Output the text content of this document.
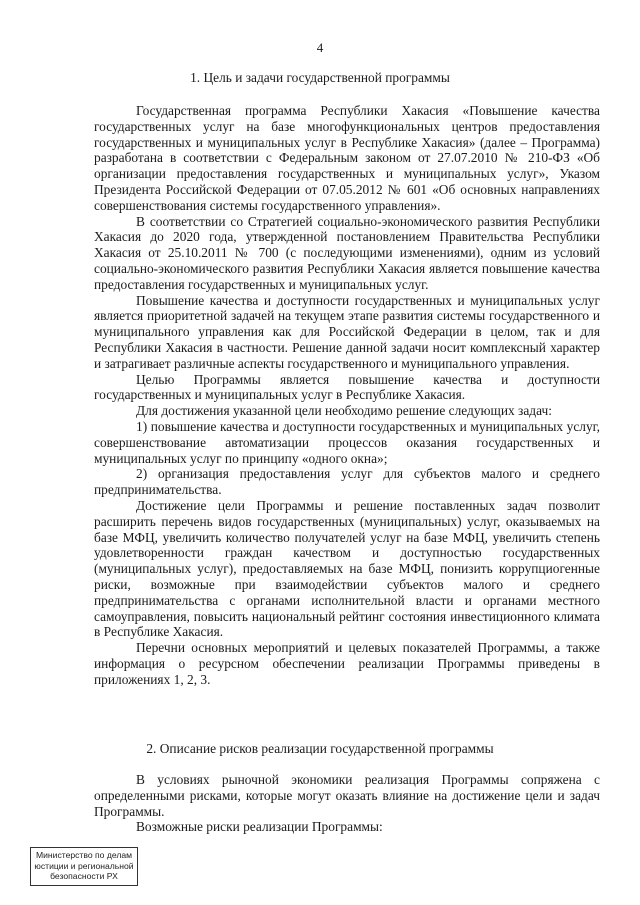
4
1. Цель и задачи государственной программы

Государственная программа Республики Хакасия «Повышение качества государственных услуг на базе многофункциональных центров предоставления государственных и муниципальных услуг в Республике Хакасия» (далее – Программа) разработана в соответствии с Федеральным законом от 27.07.2010 № 210-ФЗ «Об организации предоставления государственных и муниципальных услуг», Указом Президента Российской Федерации от 07.05.2012 № 601 «Об основных направлениях совершенствования системы государственного управления».

В соответствии со Стратегией социально-экономического развития Республики Хакасия до 2020 года, утвержденной постановлением Правительства Республики Хакасия от 25.10.2011 № 700 (с последующими изменениями), одним из условий социально-экономического развития Республики Хакасия является повышение качества предоставления государственных и муниципальных услуг.

Повышение качества и доступности государственных и муниципальных услуг является приоритетной задачей на текущем этапе развития системы государственного и муниципального управления как для Российской Федерации в целом, так и для Республики Хакасия в частности. Решение данной задачи носит комплексный характер и затрагивает различные аспекты государственного и муниципального управления.

Целью Программы является повышение качества и доступности государственных и муниципальных услуг в Республике Хакасия.

Для достижения указанной цели необходимо решение следующих задач:

1) повышение качества и доступности государственных и муниципальных услуг, совершенствование автоматизации процессов оказания государственных и муниципальных услуг по принципу «одного окна»;

2) организация предоставления услуг для субъектов малого и среднего предпринимательства.

Достижение цели Программы и решение поставленных задач позволит расширить перечень видов государственных (муниципальных) услуг, оказываемых на базе МФЦ, увеличить количество получателей услуг на базе МФЦ, увеличить степень удовлетворенности граждан качеством и доступностью государственных (муниципальных услуг), предоставляемых на базе МФЦ, понизить коррупциогенные риски, возможные при взаимодействии субъектов малого и среднего предпринимательства с органами исполнительной власти и органами местного самоуправления, повысить национальный рейтинг состояния инвестиционного климата в Республике Хакасия.

Перечни основных мероприятий и целевых показателей Программы, а также информация о ресурсном обеспечении реализации Программы приведены в приложениях 1, 2, 3.

2. Описание рисков реализации государственной программы

В условиях рыночной экономики реализация Программы сопряжена с определенными рисками, которые могут оказать влияние на достижение цели и задач Программы.

Возможные риски реализации Программы:

Министерство по делам
юстиции и региональной
безопасности РХ
